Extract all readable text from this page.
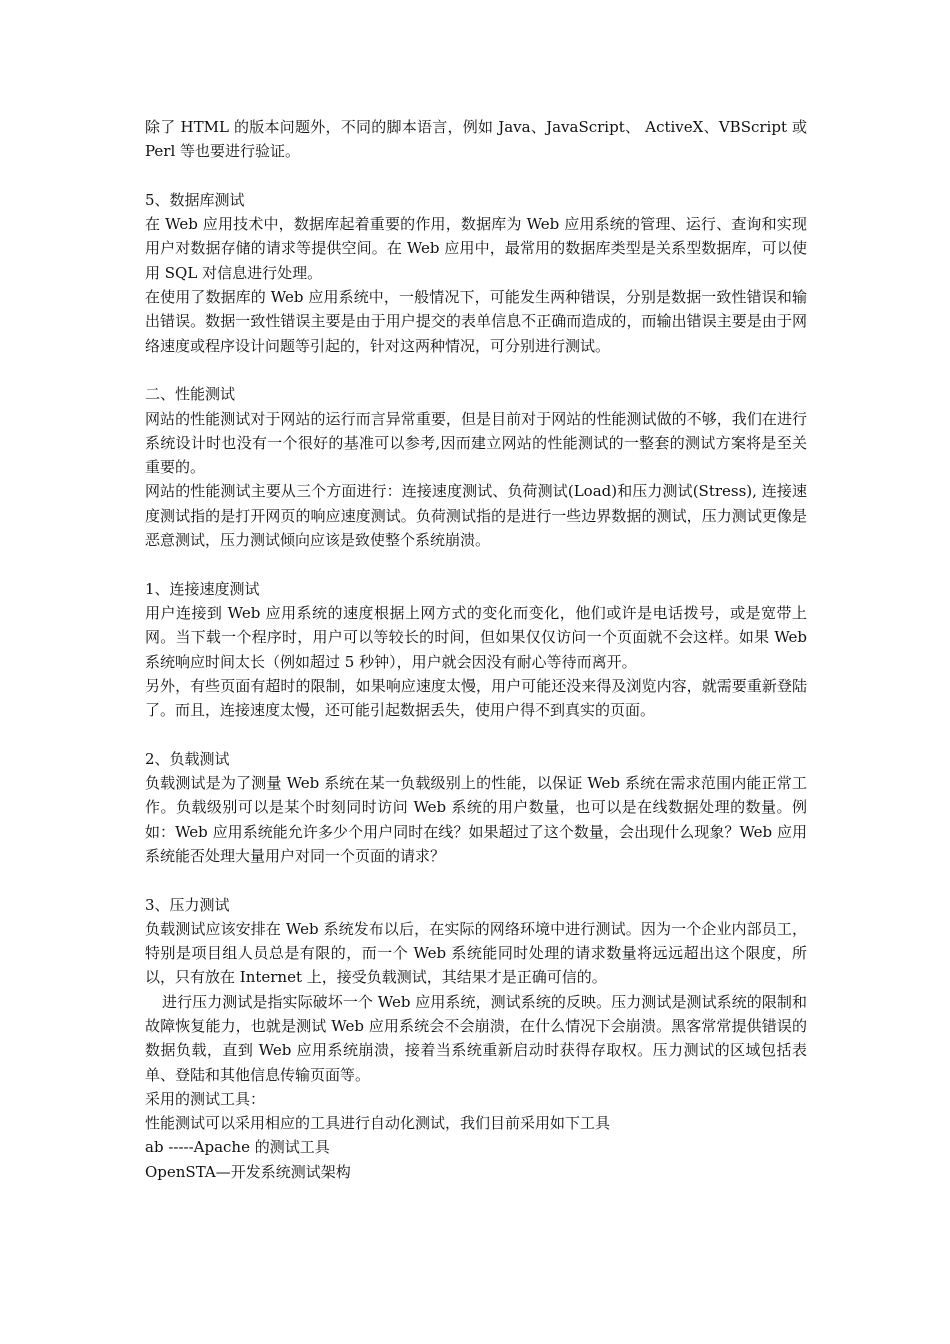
除了 HTML 的版本问题外，不同的脚本语言，例如 Java、JavaScript、 ActiveX、VBScript 或 Perl 等也要进行验证。
5、数据库测试
在 Web 应用技术中，数据库起着重要的作用，数据库为 Web 应用系统的管理、运行、查询和实现用户对数据存储的请求等提供空间。在 Web 应用中，最常用的数据库类型是关系型数据库，可以使用 SQL 对信息进行处理。
在使用了数据库的 Web 应用系统中，一般情况下，可能发生两种错误，分别是数据一致性错误和输出错误。数据一致性错误主要是由于用户提交的表单信息不正确而造成的，而输出错误主要是由于网络速度或程序设计问题等引起的，针对这两种情况，可分别进行测试。
二、性能测试
网站的性能测试对于网站的运行而言异常重要，但是目前对于网站的性能测试做的不够，我们在进行系统设计时也没有一个很好的基准可以参考,因而建立网站的性能测试的一整套的测试方案将是至关重要的。
网站的性能测试主要从三个方面进行：连接速度测试、负荷测试(Load)和压力测试(Stress), 连接速度测试指的是打开网页的响应速度测试。负荷测试指的是进行一些边界数据的测试，压力测试更像是恶意测试，压力测试倾向应该是致使整个系统崩溃。
1、连接速度测试
用户连接到 Web 应用系统的速度根据上网方式的变化而变化，他们或许是电话拨号，或是宽带上网。当下载一个程序时，用户可以等较长的时间，但如果仅仅访问一个页面就不会这样。如果 Web 系统响应时间太长（例如超过 5 秒钟），用户就会因没有耐心等待而离开。
另外，有些页面有超时的限制，如果响应速度太慢，用户可能还没来得及浏览内容，就需要重新登陆了。而且，连接速度太慢，还可能引起数据丢失，使用户得不到真实的页面。
2、负载测试
负载测试是为了测量 Web 系统在某一负载级别上的性能，以保证 Web 系统在需求范围内能正常工作。负载级别可以是某个时刻同时访问 Web 系统的用户数量，也可以是在线数据处理的数量。例如：Web 应用系统能允许多少个用户同时在线？如果超过了这个数量，会出现什么现象？Web 应用系统能否处理大量用户对同一个页面的请求？
3、压力测试
负载测试应该安排在 Web 系统发布以后，在实际的网络环境中进行测试。因为一个企业内部员工，特别是项目组人员总是有限的，而一个 Web 系统能同时处理的请求数量将远远超出这个限度，所以，只有放在 Internet 上，接受负载测试，其结果才是正确可信的。
进行压力测试是指实际破坏一个 Web 应用系统，测试系统的反映。压力测试是测试系统的限制和故障恢复能力，也就是测试 Web 应用系统会不会崩溃，在什么情况下会崩溃。黑客常常提供错误的数据负载，直到 Web 应用系统崩溃，接着当系统重新启动时获得存取权。压力测试的区域包括表单、登陆和其他信息传输页面等。
采用的测试工具：
性能测试可以采用相应的工具进行自动化测试，我们目前采用如下工具
ab -----Apache 的测试工具
OpenSTA—开发系统测试架构
